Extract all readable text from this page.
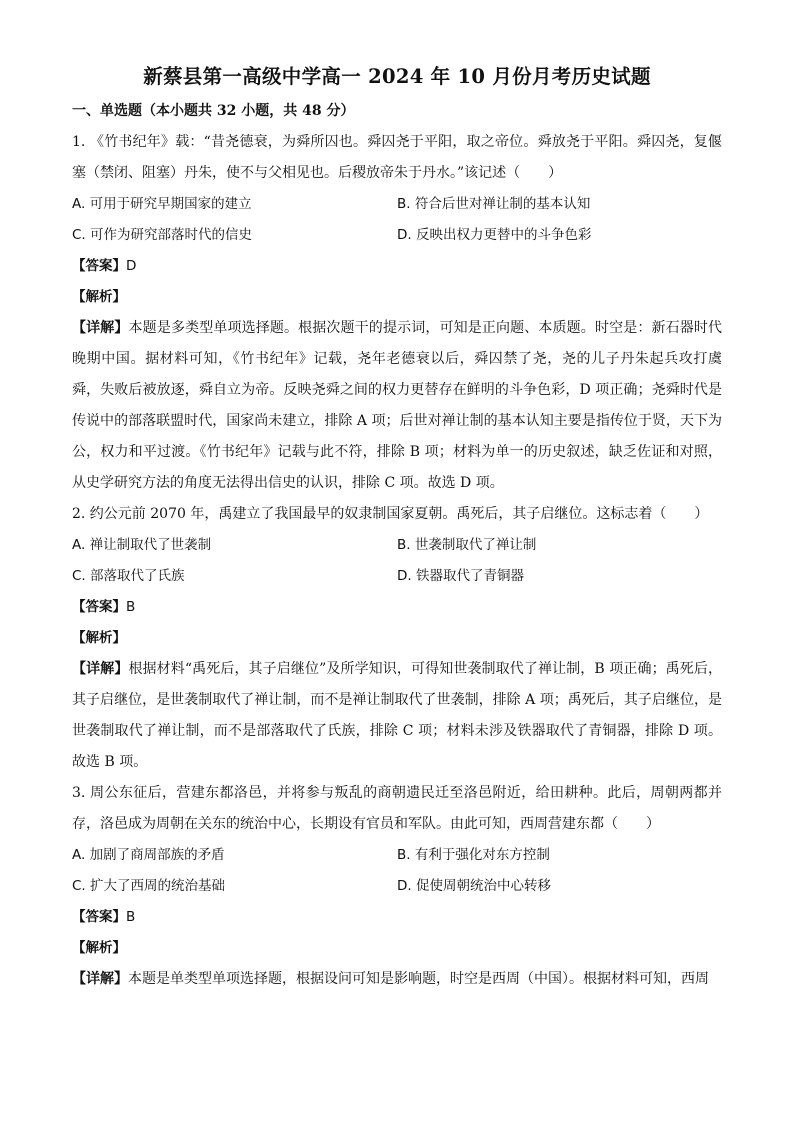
新蔡县第一高级中学高一 2024 年 10 月份月考历史试题
一、单选题（本小题共 32 小题，共 48 分）

1. 《竹书纪年》载：“昔尧德衰，为舜所囚也。舜囚尧于平阳，取之帝位。舜放尧于平阳。舜囚尧，复偃塞（禁闭、阻塞）丹朱，使不与父相见也。后稷放帝朱于丹水。”该记述（　　）

A. 可用于研究早期国家的建立	B. 符合后世对禅让制的基本认知
C. 可作为研究部落时代的信史	D. 反映出权力更替中的斗争色彩
【答案】D
【解析】

【详解】本题是多类型单项选择题。根据次题干的提示词，可知是正向题、本质题。时空是：新石器时代晚期中国。据材料可知，《竹书纪年》记载，尧年老德衰以后，舜囚禁了尧，尧的儿子丹朱起兵攻打虞舜，失败后被放逐，舜自立为帝。反映尧舜之间的权力更替存在鲜明的斗争色彩，D 项正确；尧舜时代是传说中的部落联盟时代，国家尚未建立，排除 A 项；后世对禅让制的基本认知主要是指传位于贤，天下为公，权力和平过渡。《竹书纪年》记载与此不符，排除 B 项；材料为单一的历史叙述，缺乏佐证和对照，从史学研究方法的角度无法得出信史的认识，排除 C 项。故选 D 项。

2. 约公元前 2070 年，禹建立了我国最早的奴隶制国家夏朝。禹死后，其子启继位。这标志着（　　）

A. 禅让制取代了世袭制	B. 世袭制取代了禅让制
C. 部落取代了氏族	D. 铁器取代了青铜器
【答案】B
【解析】

【详解】根据材料“禹死后，其子启继位”及所学知识，可得知世袭制取代了禅让制，B 项正确；禹死后，其子启继位，是世袭制取代了禅让制，而不是禅让制取代了世袭制，排除 A 项；禹死后，其子启继位，是世袭制取代了禅让制，而不是部落取代了氏族，排除 C 项；材料未涉及铁器取代了青铜器，排除 D 项。故选 B 项。

3. 周公东征后，营建东都洛邑，并将参与叛乱的商朝遗民迁至洛邑附近，给田耕种。此后，周朝两都并存，洛邑成为周朝在关东的统治中心，长期设有官员和军队。由此可知，西周营建东都（　　）

A. 加剧了商周部族的矛盾	B. 有利于强化对东方控制
C. 扩大了西周的统治基础	D. 促使周朝统治中心转移
【答案】B
【解析】

【详解】本题是单类型单项选择题，根据设问可知是影响题，时空是西周（中国）。根据材料可知，西周
